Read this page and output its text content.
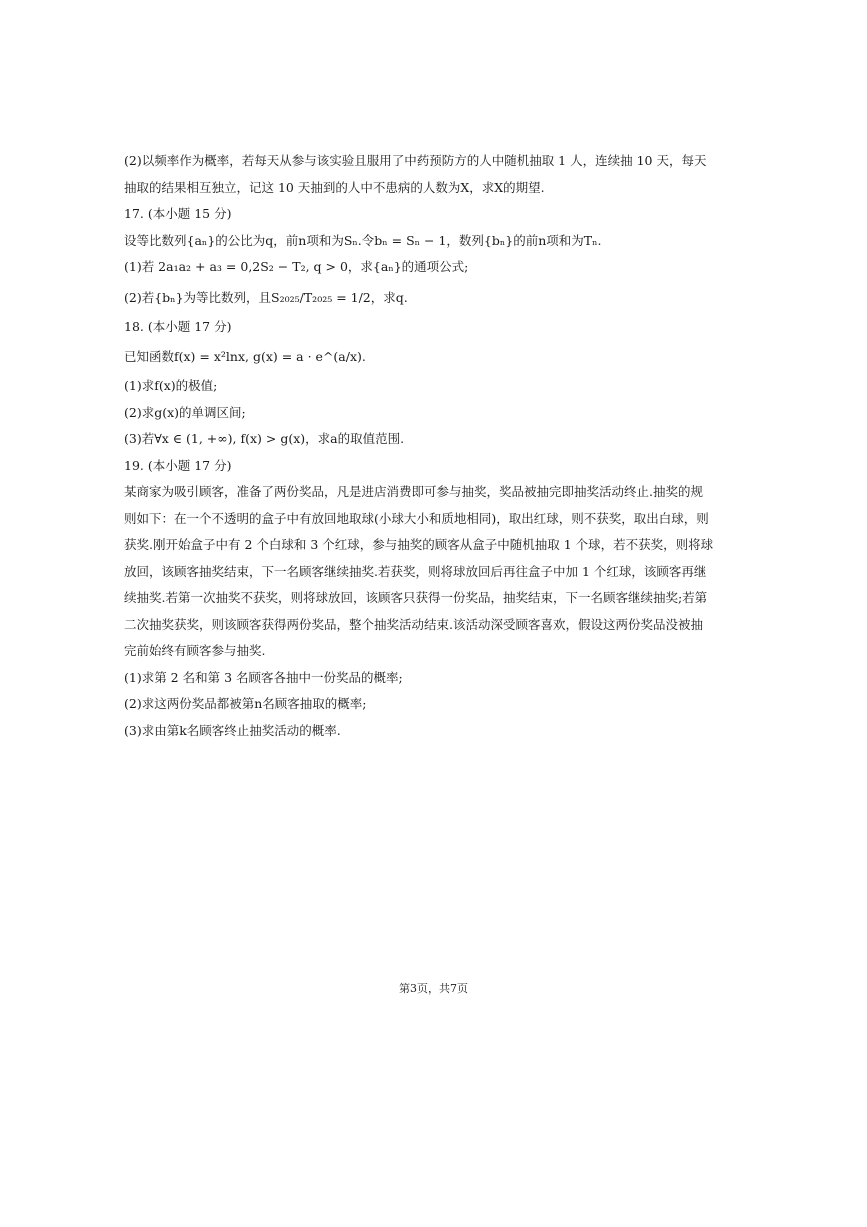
(2)以频率作为概率，若每天从参与该实验且服用了中药预防方的人中随机抽取 1 人，连续抽 10 天，每天

抽取的结果相互独立，记这 10 天抽到的人中不患病的人数为X，求X的期望.

17. (本小题 15 分)

设等比数列{aₙ}的公比为q，前n项和为Sₙ.令bₙ = Sₙ − 1，数列{bₙ}的前n项和为Tₙ.

(1)若 2a₁a₂ + a₃ = 0,2S₂ − T₂, q > 0，求{aₙ}的通项公式;

(2)若{bₙ}为等比数列，且S₂₀₂₅/T₂₀₂₅ = 1/2，求q.

18. (本小题 17 分)

已知函数f(x) = x²lnx, g(x) = a · e^(a/x).

(1)求f(x)的极值;

(2)求g(x)的单调区间;

(3)若∀x ∈ (1, +∞), f(x) > g(x)，求a的取值范围.

19. (本小题 17 分)

某商家为吸引顾客，准备了两份奖品，凡是进店消费即可参与抽奖，奖品被抽完即抽奖活动终止.抽奖的规

则如下：在一个不透明的盒子中有放回地取球(小球大小和质地相同)，取出红球，则不获奖，取出白球，则

获奖.刚开始盒子中有 2 个白球和 3 个红球，参与抽奖的顾客从盒子中随机抽取 1 个球，若不获奖，则将球

放回，该顾客抽奖结束，下一名顾客继续抽奖.若获奖，则将球放回后再往盒子中加 1 个红球，该顾客再继

续抽奖.若第一次抽奖不获奖，则将球放回，该顾客只获得一份奖品，抽奖结束，下一名顾客继续抽奖;若第

二次抽奖获奖，则该顾客获得两份奖品，整个抽奖活动结束.该活动深受顾客喜欢，假设这两份奖品没被抽

完前始终有顾客参与抽奖.

(1)求第 2 名和第 3 名顾客各抽中一份奖品的概率;

(2)求这两份奖品都被第n名顾客抽取的概率;

(3)求由第k名顾客终止抽奖活动的概率.

第3页，共7页
